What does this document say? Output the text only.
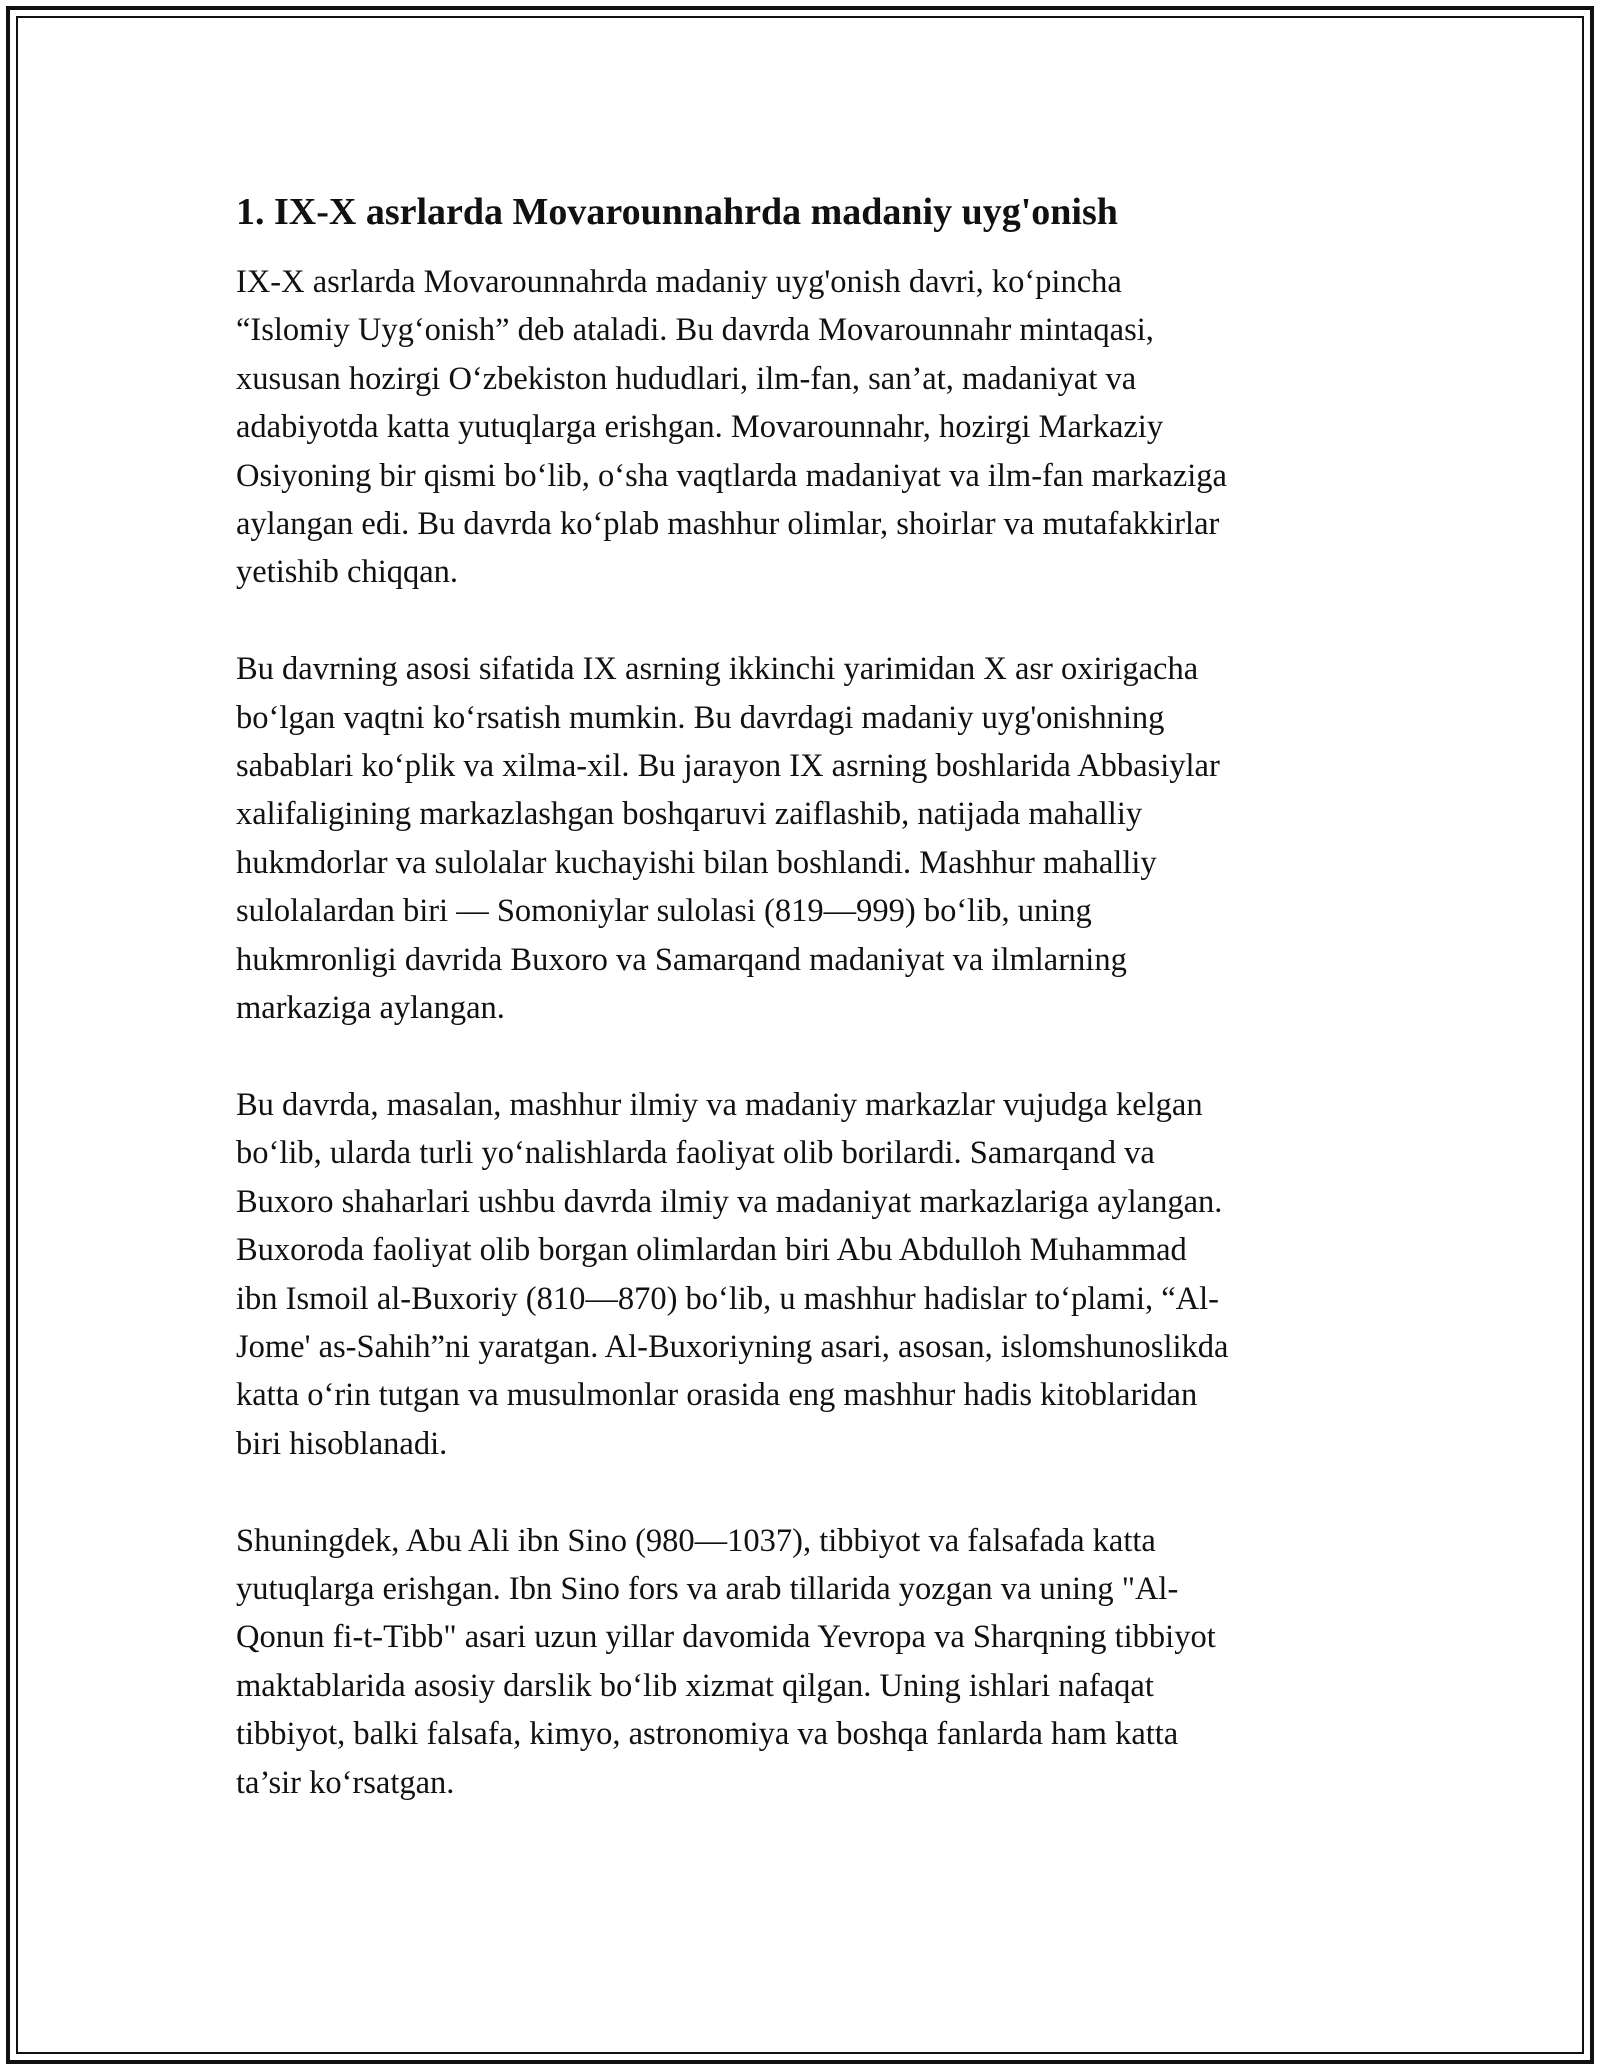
1. IX-X asrlarda Movarounnahrda madaniy uyg'onish

IX-X asrlarda Movarounnahrda madaniy uyg'onish davri, ko‘pincha
“Islomiy Uyg‘onish” deb ataladi. Bu davrda Movarounnahr mintaqasi,
xususan hozirgi O‘zbekiston hududlari, ilm-fan, san’at, madaniyat va
adabiyotda katta yutuqlarga erishgan. Movarounnahr, hozirgi Markaziy
Osiyoning bir qismi bo‘lib, o‘sha vaqtlarda madaniyat va ilm-fan markaziga
aylangan edi. Bu davrda ko‘plab mashhur olimlar, shoirlar va mutafakkirlar
yetishib chiqqan.

Bu davrning asosi sifatida IX asrning ikkinchi yarimidan X asr oxirigacha
bo‘lgan vaqtni ko‘rsatish mumkin. Bu davrdagi madaniy uyg'onishning
sabablari ko‘plik va xilma-xil. Bu jarayon IX asrning boshlarida Abbasiylar
xalifaligining markazlashgan boshqaruvi zaiflashib, natijada mahalliy
hukmdorlar va sulolalar kuchayishi bilan boshlandi. Mashhur mahalliy
sulolalardan biri — Somoniylar sulolasi (819—999) bo‘lib, uning
hukmronligi davrida Buxoro va Samarqand madaniyat va ilmlarning
markaziga aylangan.

Bu davrda, masalan, mashhur ilmiy va madaniy markazlar vujudga kelgan
bo‘lib, ularda turli yo‘nalishlarda faoliyat olib borilardi. Samarqand va
Buxoro shaharlari ushbu davrda ilmiy va madaniyat markazlariga aylangan.
Buxoroda faoliyat olib borgan olimlardan biri Abu Abdulloh Muhammad
ibn Ismoil al-Buxoriy (810—870) bo‘lib, u mashhur hadislar to‘plami, “Al-
Jome' as-Sahih”ni yaratgan. Al-Buxoriyning asari, asosan, islomshunoslikda
katta o‘rin tutgan va musulmonlar orasida eng mashhur hadis kitoblaridan
biri hisoblanadi.

Shuningdek, Abu Ali ibn Sino (980—1037), tibbiyot va falsafada katta
yutuqlarga erishgan. Ibn Sino fors va arab tillarida yozgan va uning "Al-
Qonun fi-t-Tibb" asari uzun yillar davomida Yevropa va Sharqning tibbiyot
maktablarida asosiy darslik bo‘lib xizmat qilgan. Uning ishlari nafaqat
tibbiyot, balki falsafa, kimyo, astronomiya va boshqa fanlarda ham katta
ta’sir ko‘rsatgan.
